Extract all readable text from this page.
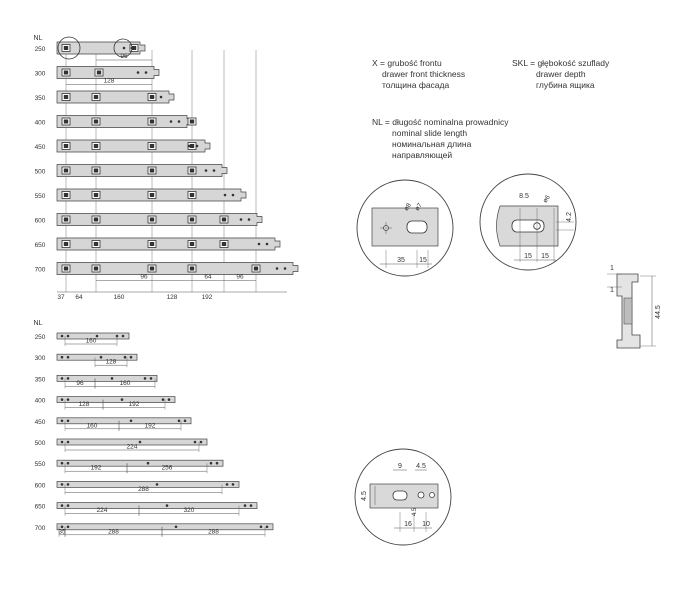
NL
250
300
350
400
450
500
550
600
650
700
96
128
96	64	96
37 64	160	128	192
NL
250	160
300	128
350	96	160
400	128	192
450	160	192
500	224
550	192	256
600	288
650	224	320
700 35	288	288
35 15
ø8 ø7
15 15
8.5 ø6
4.2
9 4.5
4.5
16 10
4.5
1
1
44.5
X = grubość frontu
drawer front thickness
толщина фасада
SKL = głębokość szuflady
drawer depth
глубина ящика
NL = długość nominalna prowadnicy
nominal slide length
номинальная длина
направляющей
